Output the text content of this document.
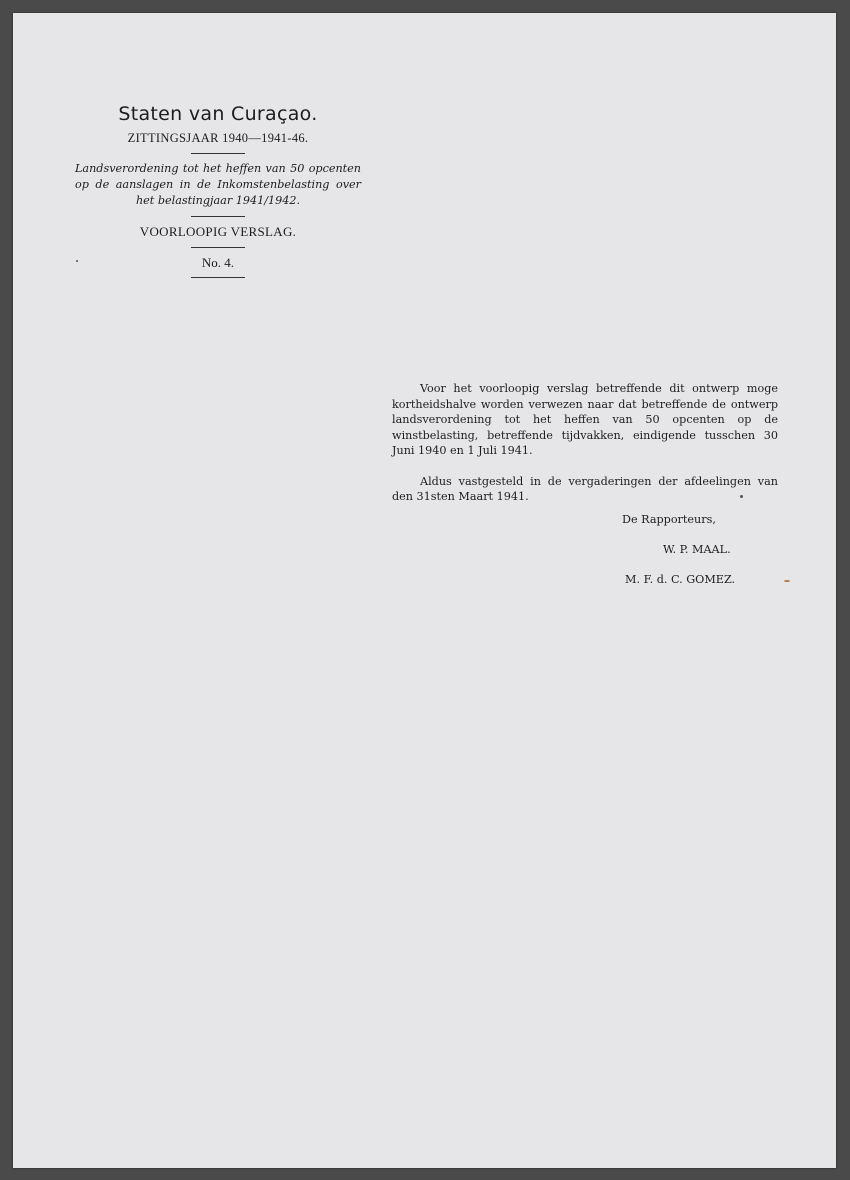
Staten van Curaçao.
ZITTINGSJAAR 1940—1941-46.
Landsverordening tot het heffen van 50 opcenten op de aanslagen in de Inkomstenbelasting over het belastingjaar 1941/1942.
VOORLOOPIG VERSLAG.
No. 4.

Voor het voorloopig verslag betreffende dit ontwerp moge kortheidshalve worden verwezen naar dat betreffende de ontwerp landsverordening tot het heffen van 50 opcenten op de winstbelasting, betreffende tijdvakken, eindigende tusschen 30 Juni 1940 en 1 Juli 1941.

Aldus vastgesteld in de vergaderingen der afdeelingen van den 31sten Maart 1941.

De Rapporteurs,
W. P. MAAL.
M. F. d. C. GOMEZ.
